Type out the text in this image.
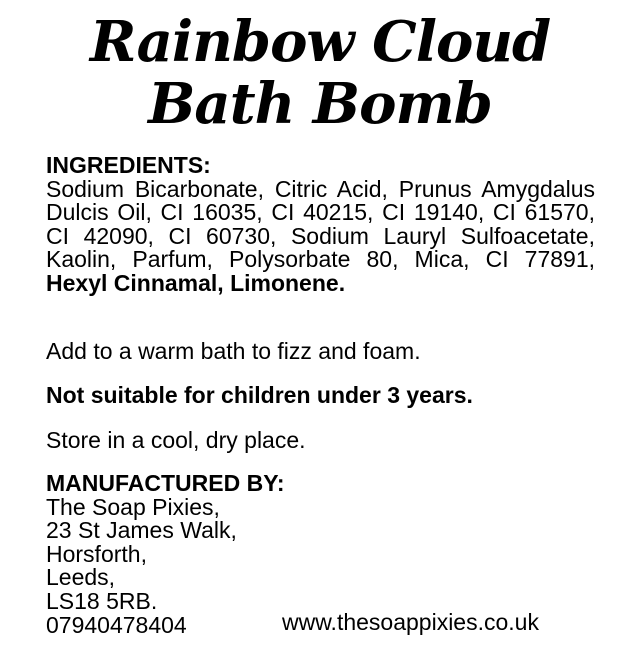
Rainbow Cloud
Bath Bomb
INGREDIENTS:
Sodium Bicarbonate, Citric Acid, Prunus Amygdalus Dulcis Oil, CI 16035, CI 40215, CI 19140, CI 61570, CI 42090, CI 60730, Sodium Lauryl Sulfoacetate, Kaolin, Parfum, Polysorbate 80, Mica, CI 77891, Hexyl Cinnamal, Limonene.
Add to a warm bath to fizz and foam.
Not suitable for children under 3 years.
Store in a cool, dry place.
MANUFACTURED BY:
The Soap Pixies,
23 St James Walk,
Horsforth,
Leeds,
LS18 5RB.
07940478404	www.thesoappixies.co.uk
